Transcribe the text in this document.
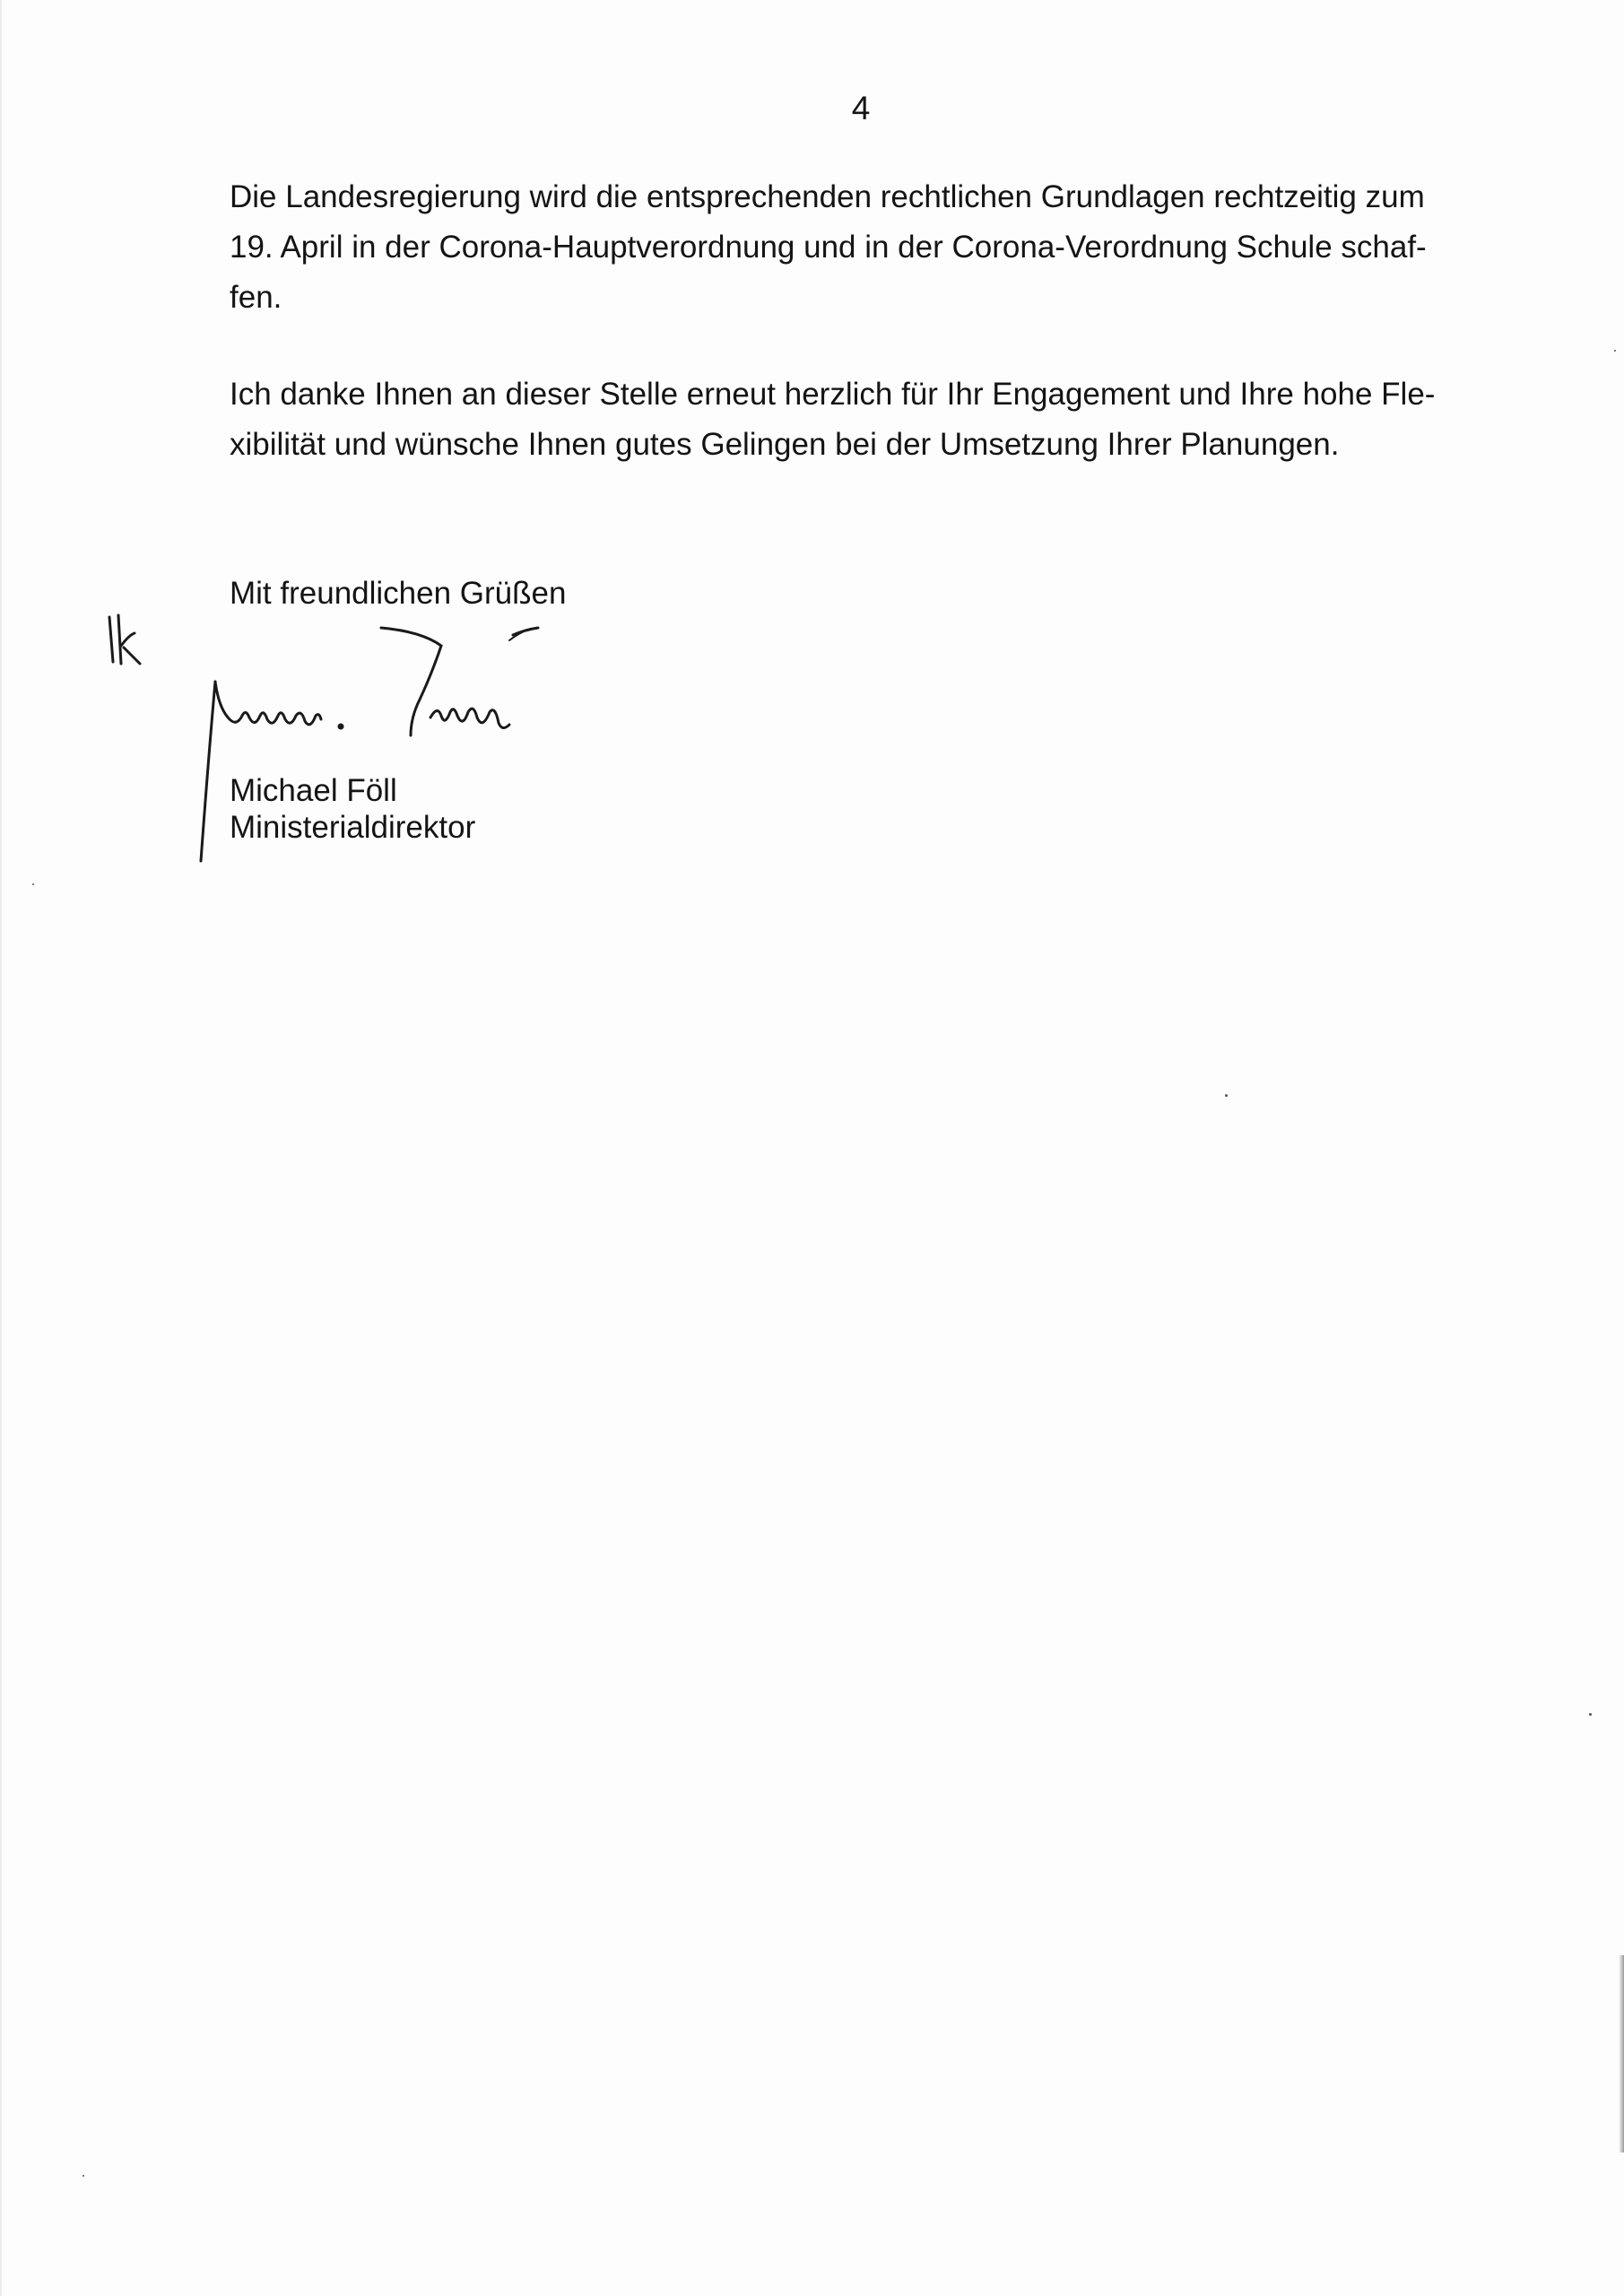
4

Die Landesregierung wird die entsprechenden rechtlichen Grundlagen rechtzeitig zum
19. April in der Corona-Hauptverordnung und in der Corona-Verordnung Schule schaf-
fen.

Ich danke Ihnen an dieser Stelle erneut herzlich für Ihr Engagement und Ihre hohe Fle-
xibilität und wünsche Ihnen gutes Gelingen bei der Umsetzung Ihrer Planungen.

Mit freundlichen Grüßen

Michael Föll

Ministerialdirektor
